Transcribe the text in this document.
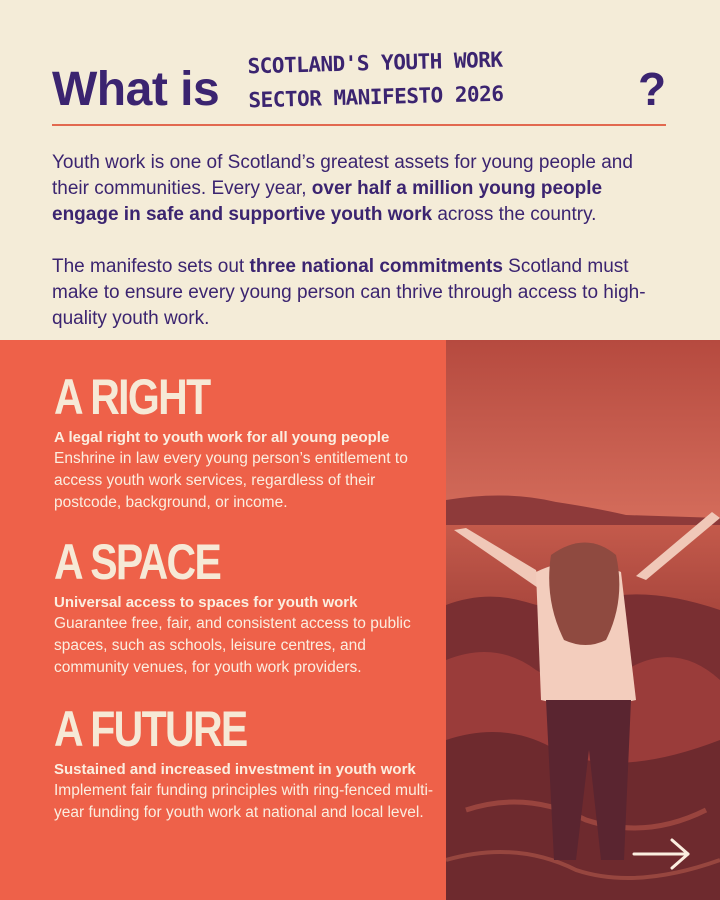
What is SCOTLAND'S YOUTH WORK
SECTOR MANIFESTO 2026	?

Youth work is one of Scotland’s greatest assets for young people and their communities. Every year, over half a million young people engage in safe and supportive youth work across the country.

The manifesto sets out three national commitments Scotland must make to ensure every young person can thrive through access to high-quality youth work.

A RIGHT
A legal right to youth work for all young people
Enshrine in law every young person’s entitlement to access youth work services, regardless of their postcode, background, or income.
A SPACE
Universal access to spaces for youth work
Guarantee free, fair, and consistent access to public spaces, such as schools, leisure centres, and community venues, for youth work providers.
A FUTURE
Sustained and increased investment in youth work
Implement fair funding principles with ring-fenced multi-year funding for youth work at national and local level.
